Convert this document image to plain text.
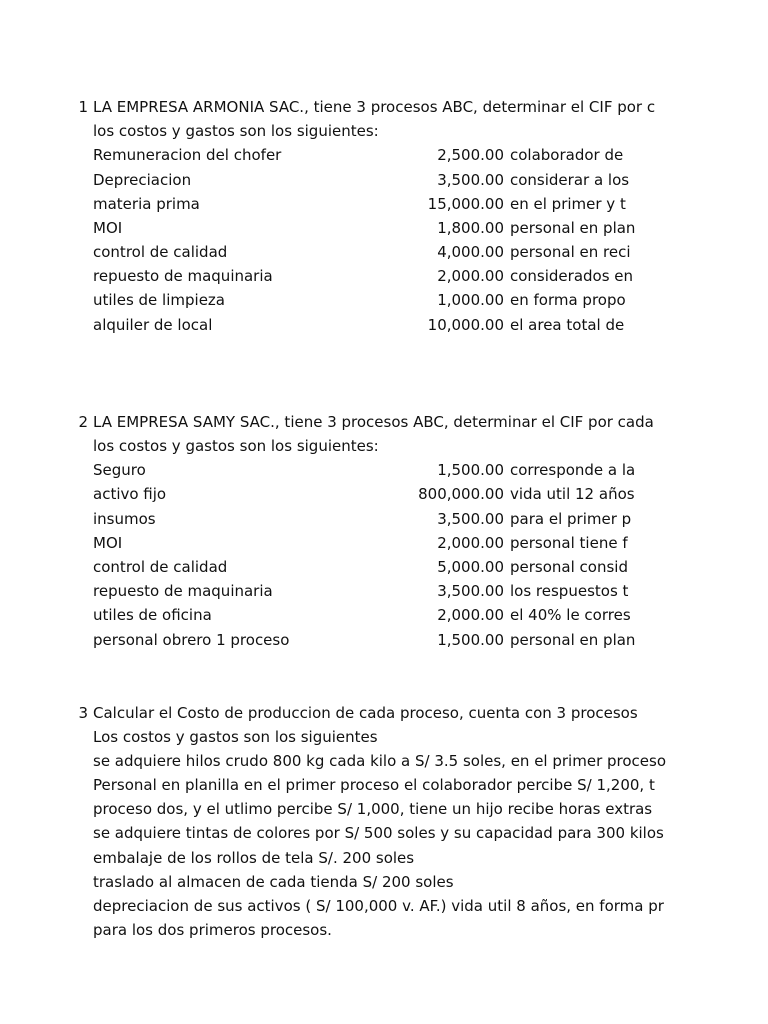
1 LA EMPRESA ARMONIA SAC., tiene 3 procesos ABC, determinar el CIF por c
los costos y gastos son los siguientes:
Remuneracion del chofer	2,500.00 colaborador de
Depreciacion	3,500.00 considerar a los
materia prima	15,000.00 en el primer y t
MOI	1,800.00 personal en plan
control de calidad	4,000.00 personal en reci
repuesto de maquinaria	2,000.00 considerados en
utiles de limpieza	1,000.00 en forma propo
alquiler de local	10,000.00 el area total de
2 LA EMPRESA SAMY SAC., tiene 3 procesos ABC, determinar el CIF por cada
los costos y gastos son los siguientes:
Seguro	1,500.00 corresponde a la
activo fijo	800,000.00 vida util 12 años
insumos	3,500.00 para el primer p
MOI	2,000.00 personal tiene f
control de calidad	5,000.00 personal consid
repuesto de maquinaria	3,500.00 los respuestos t
utiles de oficina	2,000.00 el 40% le corres
personal obrero 1 proceso	1,500.00 personal en plan
3 Calcular el Costo de produccion de cada proceso, cuenta con 3 procesos
Los costos y gastos son los siguientes
se adquiere hilos crudo 800 kg cada kilo a S/ 3.5 soles, en el primer proceso
Personal en planilla en el primer proceso el colaborador percibe S/ 1,200, t
proceso dos, y el utlimo percibe S/ 1,000, tiene un hijo recibe horas extras
se adquiere tintas de colores por S/ 500 soles y su capacidad para 300 kilos
embalaje de los rollos de tela S/. 200 soles
traslado al almacen de cada tienda S/ 200 soles
depreciacion de sus activos ( S/ 100,000 v. AF.) vida util 8 años, en forma pr
para los dos primeros procesos.
